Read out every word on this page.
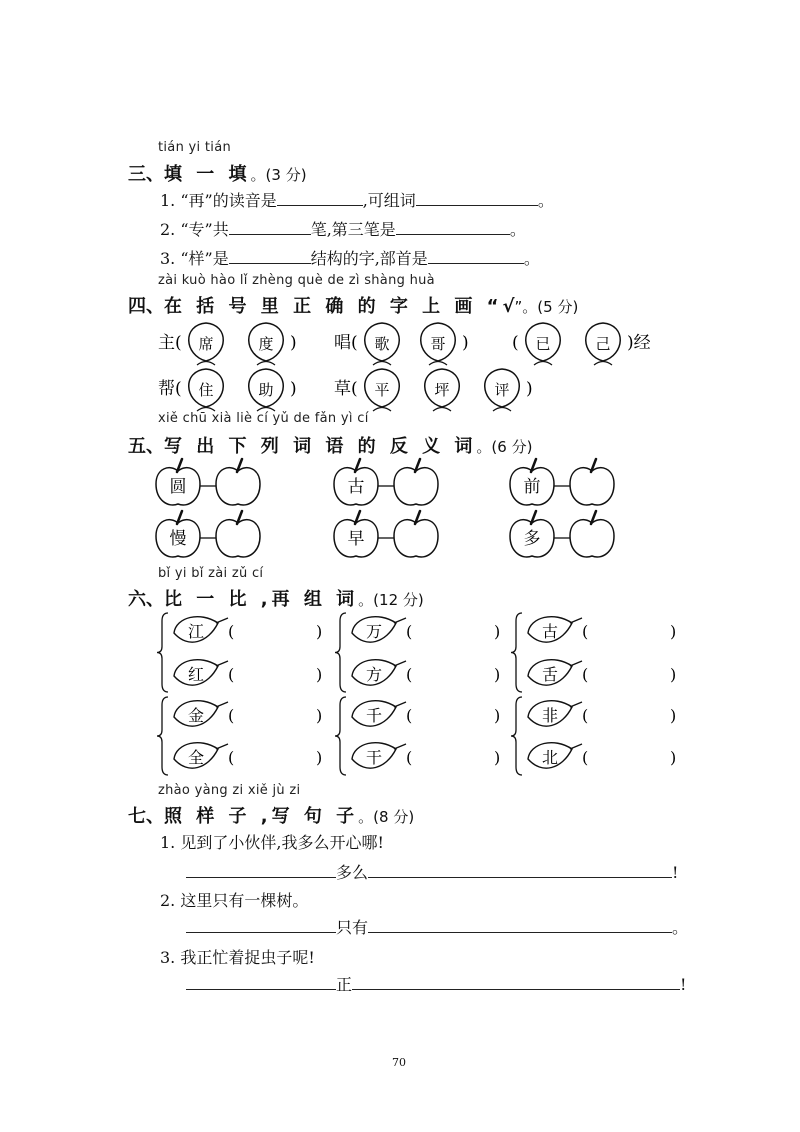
tián yi tián
三、填 一 填。(3 分)
1. “再”的读音是	,可组词	。
2. “专”共	笔,第三笔是	。
3. “样”是	结构的字,部首是	。
zài kuò hào lǐ zhèng què de zì shàng huà
四、在 括 号 里 正 确 的 字 上 画 “√”。(5 分)
主( 席	度 ) 唱( 歌	哥 )	( 已	己 )经
帮( 住	助 ) 草( 平	坪	评 )
xiě chū xià liè cí yǔ de fǎn yì cí
五、写 出 下 列 词 语 的 反 义 词。(6 分)
圆	古	前
慢	早	多
bǐ yi bǐ zài zǔ cí
六、比 一 比 ,再 组 词。(12 分)
江 (	)
红 (	)
万 (	)
方 (	)
古 (	)
舌 (	)
金 (	)
全 (	)
千 (	)
干 (	)
非 (	)
北 (	)
zhào yàng zi xiě jù zi
七、照 样 子 ,写 句 子。(8 分)
1. 见到了小伙伴,我多么开心哪!
多么	!
2. 这里只有一棵树。
只有	。
3. 我正忙着捉虫子呢!
正	!
70
